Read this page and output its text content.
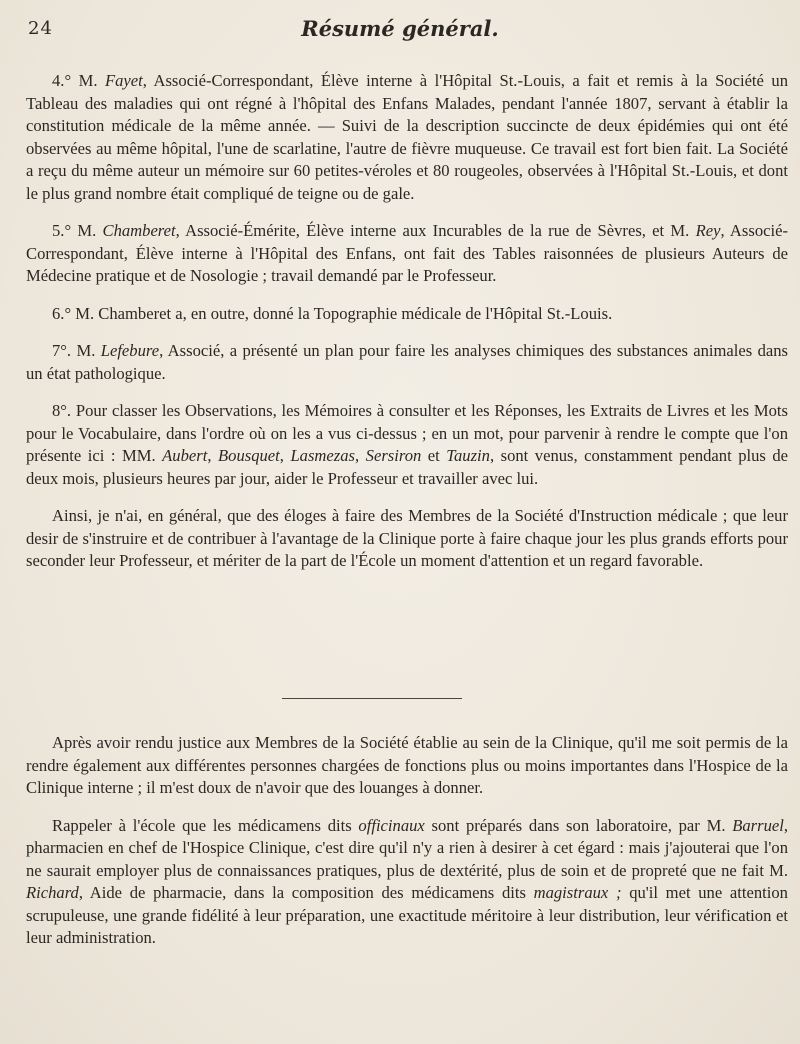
24	Résumé général.

4.° M. Fayet, Associé-Correspondant, Élève interne à l'Hôpital St.-Louis, a fait et remis à la Société un Tableau des maladies qui ont régné à l'hôpital des Enfans Malades, pendant l'année 1807, servant à établir la constitution médicale de la même année. — Suivi de la description succincte de deux épidémies qui ont été observées au même hôpital, l'une de scarlatine, l'autre de fièvre muqueuse. Ce travail est fort bien fait. La Société a reçu du même auteur un mémoire sur 60 petites-véroles et 80 rougeoles, observées à l'Hôpital St.-Louis, et dont le plus grand nombre était compliqué de teigne ou de gale.

5.° M. Chamberet, Associé-Émérite, Élève interne aux Incurables de la rue de Sèvres, et M. Rey, Associé-Correspondant, Élève interne à l'Hôpital des Enfans, ont fait des Tables raisonnées de plusieurs Auteurs de Médecine pratique et de Nosologie ; travail demandé par le Professeur.

6.° M. Chamberet a, en outre, donné la Topographie médicale de l'Hôpital St.-Louis.

7°. M. Lefebure, Associé, a présenté un plan pour faire les analyses chimiques des substances animales dans un état pathologique.

8°. Pour classer les Observations, les Mémoires à consulter et les Réponses, les Extraits de Livres et les Mots pour le Vocabulaire, dans l'ordre où on les a vus ci-dessus ; en un mot, pour parvenir à rendre le compte que l'on présente ici : MM. Aubert, Bousquet, Lasmezas, Sersiron et Tauzin, sont venus, constamment pendant plus de deux mois, plusieurs heures par jour, aider le Professeur et travailler avec lui.

Ainsi, je n'ai, en général, que des éloges à faire des Membres de la Société d'Instruction médicale ; que leur desir de s'instruire et de contribuer à l'avantage de la Clinique porte à faire chaque jour les plus grands efforts pour seconder leur Professeur, et mériter de la part de l'École un moment d'attention et un regard favorable.

Après avoir rendu justice aux Membres de la Société établie au sein de la Clinique, qu'il me soit permis de la rendre également aux différentes personnes chargées de fonctions plus ou moins importantes dans l'Hospice de la Clinique interne ; il m'est doux de n'avoir que des louanges à donner.

Rappeler à l'école que les médicamens dits officinaux sont préparés dans son laboratoire, par M. Barruel, pharmacien en chef de l'Hospice Clinique, c'est dire qu'il n'y a rien à desirer à cet égard : mais j'ajouterai que l'on ne saurait employer plus de connaissances pratiques, plus de dextérité, plus de soin et de propreté que ne fait M. Richard, Aide de pharmacie, dans la composition des médicamens dits magistraux ; qu'il met une attention scrupuleuse, une grande fidélité à leur préparation, une exactitude méritoire à leur distribution, leur vérification et leur administration.
